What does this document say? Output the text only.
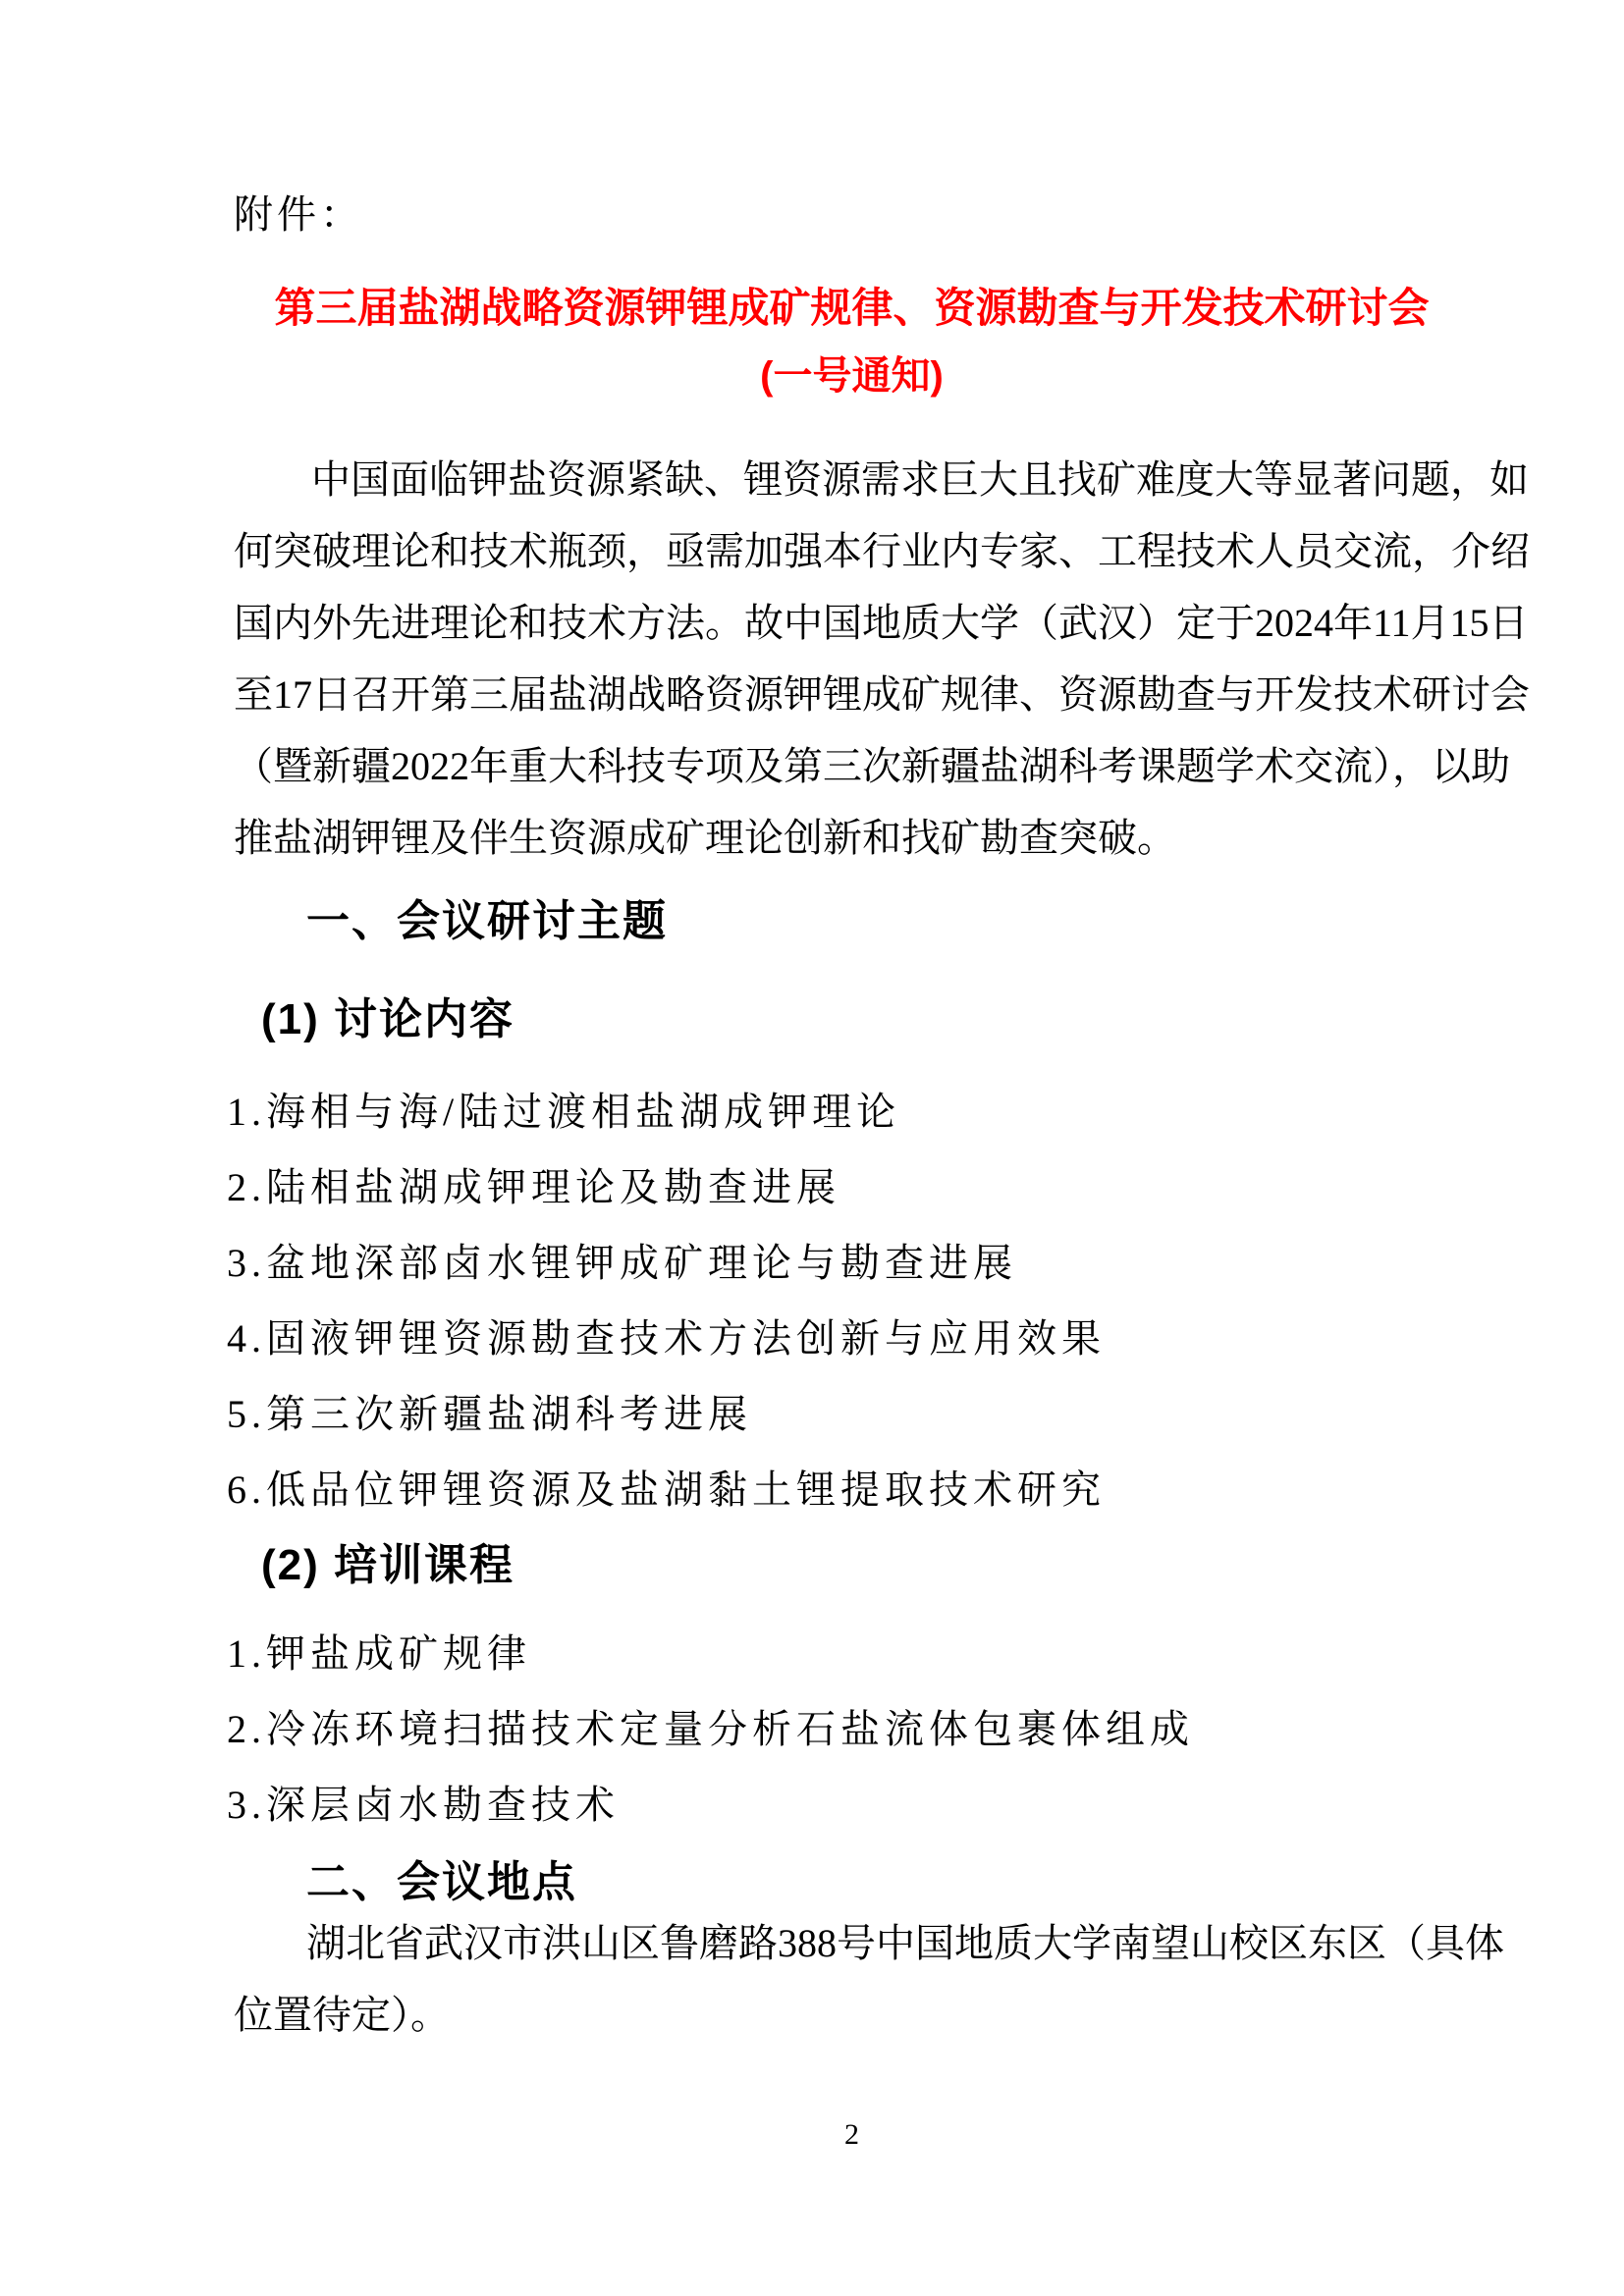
附件：
第三届盐湖战略资源钾锂成矿规律、资源勘查与开发技术研讨会
(一号通知)
中国面临钾盐资源紧缺、锂资源需求巨大且找矿难度大等显著问题，如
何突破理论和技术瓶颈，亟需加强本行业内专家、工程技术人员交流，介绍
国内外先进理论和技术方法。故中国地质大学（武汉）定于2024年11月15日
至17日召开第三届盐湖战略资源钾锂成矿规律、资源勘查与开发技术研讨会
（暨新疆2022年重大科技专项及第三次新疆盐湖科考课题学术交流），以助
推盐湖钾锂及伴生资源成矿理论创新和找矿勘查突破。
一、会议研讨主题
(1) 讨论内容
1.海相与海/陆过渡相盐湖成钾理论
2.陆相盐湖成钾理论及勘查进展
3.盆地深部卤水锂钾成矿理论与勘查进展
4.固液钾锂资源勘查技术方法创新与应用效果
5.第三次新疆盐湖科考进展
6.低品位钾锂资源及盐湖黏土锂提取技术研究
(2) 培训课程
1.钾盐成矿规律
2.冷冻环境扫描技术定量分析石盐流体包裹体组成
3.深层卤水勘查技术
二、会议地点
湖北省武汉市洪山区鲁磨路388号中国地质大学南望山校区东区（具体
位置待定）。
2
